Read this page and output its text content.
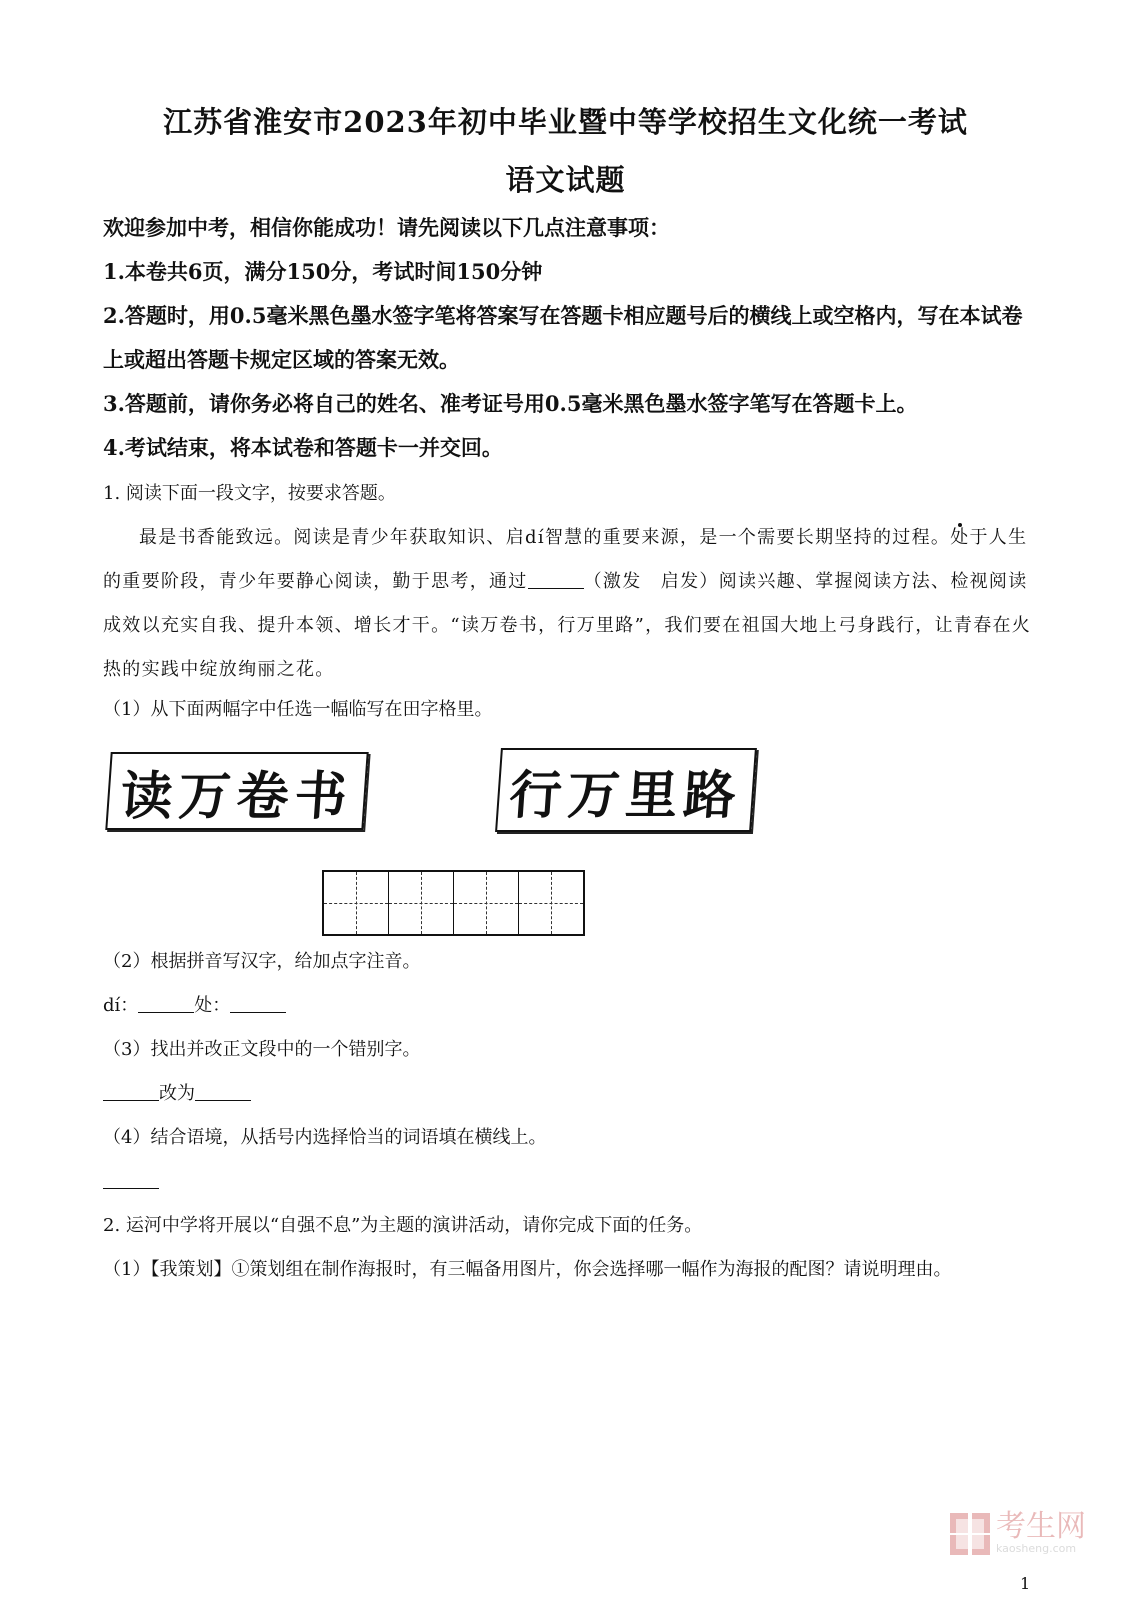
江苏省淮安市2023年初中毕业暨中等学校招生文化统一考试
语文试题
欢迎参加中考，相信你能成功！请先阅读以下几点注意事项：
1.本卷共6页，满分150分，考试时间150分钟
2.答题时，用0.5毫米黑色墨水签字笔将答案写在答题卡相应题号后的横线上或空格内，写在本试卷上或超出答题卡规定区域的答案无效。
3.答题前，请你务必将自己的姓名、准考证号用0.5毫米黑色墨水签字笔写在答题卡上。
4.考试结束，将本试卷和答题卡一并交回。
1. 阅读下面一段文字，按要求答题。
最是书香能致远。阅读是青少年获取知识、启dí智慧的重要来源，是一个需要长期坚持的过程。处于人生的重要阶段，青少年要静心阅读，勤于思考，通过	（激发　启发）阅读兴趣、掌握阅读方法、检视阅读成效以充实自我、提升本领、增长才干。“读万卷书，行万里路”，我们要在祖国大地上弓身践行，让青春在火热的实践中绽放绚丽之花。
（1）从下面两幅字中任选一幅临写在田字格里。
读万卷书	行万里路
（2）根据拼音写汉字，给加点字注音。
dí：	处：
（3）找出并改正文段中的一个错别字。
改为
（4）结合语境，从括号内选择恰当的词语填在横线上。
2. 运河中学将开展以“自强不息”为主题的演讲活动，请你完成下面的任务。
（1）【我策划】①策划组在制作海报时，有三幅备用图片，你会选择哪一幅作为海报的配图？请说明理由。
考生网
kaosheng.com
1
